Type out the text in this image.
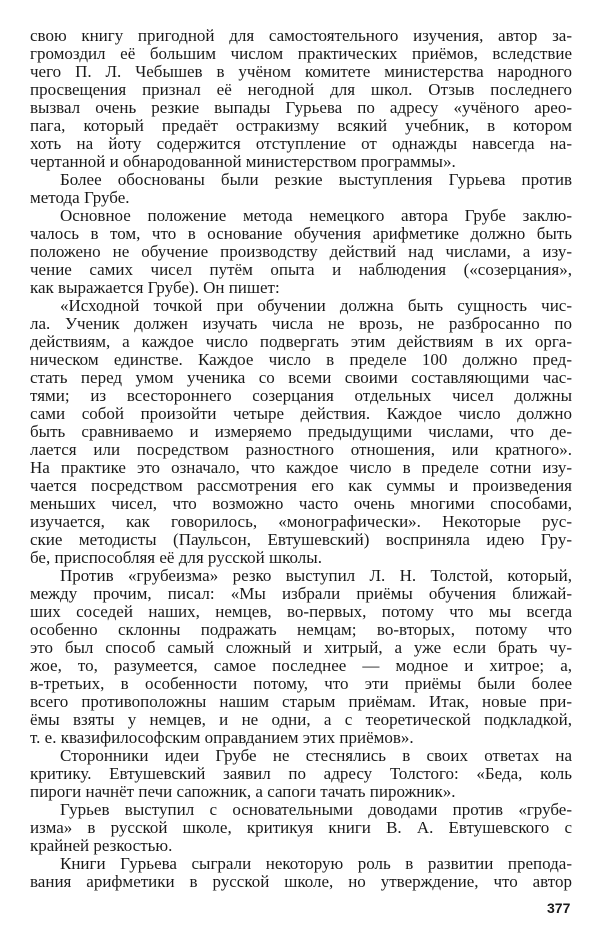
свою книгу пригодной для самостоятельного изучения, автор за-
громоздил её большим числом практических приёмов, вследствие
чего П. Л. Чебышев в учёном комитете министерства народного
просвещения признал её негодной для школ. Отзыв последнего
вызвал очень резкие выпады Гурьева по адресу «учёного арео-
пага, который предаёт остракизму всякий учебник, в котором
хоть на йоту содержится отступление от однажды навсегда на-
чертанной и обнародованной министерством программы».
Более обоснованы были резкие выступления Гурьева против
метода Грубе.
Основное положение метода немецкого автора Грубе заклю-
чалось в том, что в основание обучения арифметике должно быть
положено не обучение производству действий над числами, а изу-
чение самих чисел путём опыта и наблюдения («созерцания»,
как выражается Грубе). Он пишет:
«Исходной точкой при обучении должна быть сущность чис-
ла. Ученик должен изучать числа не врозь, не разбросанно по
действиям, а каждое число подвергать этим действиям в их орга-
ническом единстве. Каждое число в пределе 100 должно пред-
стать перед умом ученика со всеми своими составляющими час-
тями; из всестороннего созерцания отдельных чисел должны
сами собой произойти четыре действия. Каждое число должно
быть сравниваемо и измеряемо предыдущими числами, что де-
лается или посредством разностного отношения, или кратного».
На практике это означало, что каждое число в пределе сотни изу-
чается посредством рассмотрения его как суммы и произведения
меньших чисел, что возможно часто очень многими способами,
изучается, как говорилось, «монографически». Некоторые рус-
ские методисты (Паульсон, Евтушевский) восприняла идею Гру-
бе, приспособляя её для русской школы.
Против «грубеизма» резко выступил Л. Н. Толстой, который,
между прочим, писал: «Мы избрали приёмы обучения ближай-
ших соседей наших, немцев, во-первых, потому что мы всегда
особенно склонны подражать немцам; во-вторых, потому что
это был способ самый сложный и хитрый, а уже если брать чу-
жое, то, разумеется, самое последнее — модное и хитрое; а,
в-третьих, в особенности потому, что эти приёмы были более
всего противоположны нашим старым приёмам. Итак, новые при-
ёмы взяты у немцев, и не одни, а с теоретической подкладкой,
т. е. квазифилософским оправданием этих приёмов».
Сторонники идеи Грубе не стеснялись в своих ответах на
критику. Евтушевский заявил по адресу Толстого: «Беда, коль
пироги начнёт печи сапожник, а сапоги тачать пирожник».
Гурьев выступил с основательными доводами против «грубе-
изма» в русской школе, критикуя книги В. А. Евтушевского с
крайней резкостью.
Книги Гурьева сыграли некоторую роль в развитии препода-
вания арифметики в русской школе, но утверждение, что автор
377
